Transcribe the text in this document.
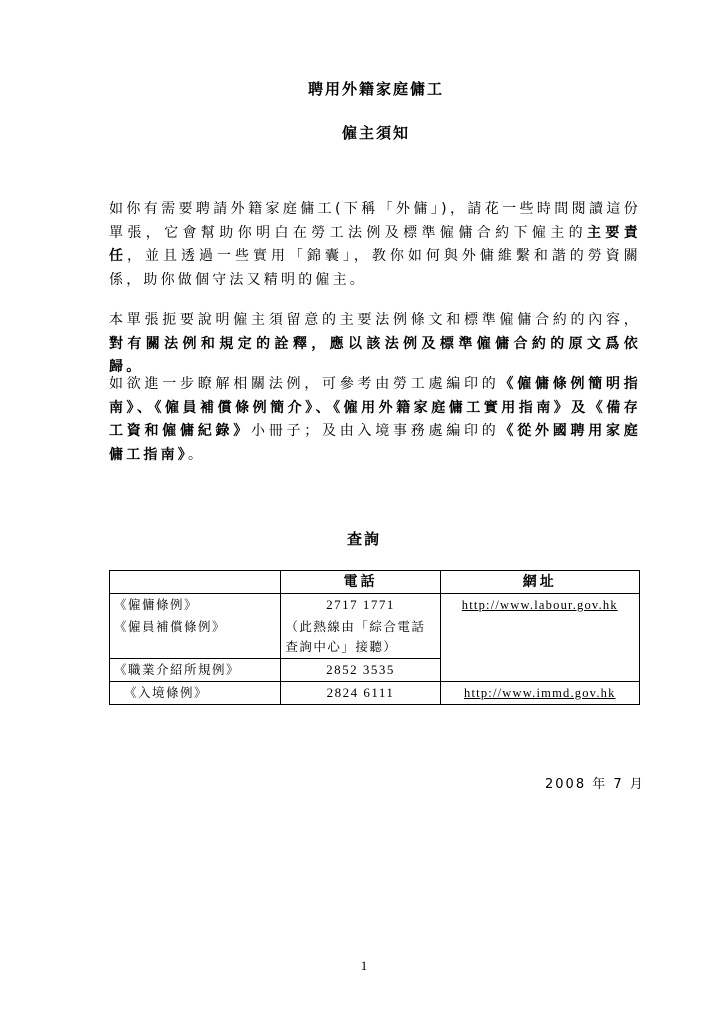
聘用外籍家庭傭工
僱主須知

如你有需要聘請外籍家庭傭工(下稱「外傭」)，請花一些時間閱讀這份單張，它會幫助你明白在勞工法例及標準僱傭合約下僱主的主要責任，並且透過一些實用「錦囊」，教你如何與外傭維繫和諧的勞資關係，助你做個守法又精明的僱主。

本單張扼要說明僱主須留意的主要法例條文和標準僱傭合約的內容，對有關法例和規定的詮釋，應以該法例及標準僱傭合約的原文爲依歸。

如欲進一步瞭解相關法例，可參考由勞工處編印的《僱傭條例簡明指南》、《僱員補償條例簡介》、《僱用外籍家庭傭工實用指南》及《備存工資和僱傭紀錄》小冊子；及由入境事務處編印的《從外國聘用家庭傭工指南》。

查詢
	電話	網址
《僱傭條例》	2717 1771	http://www.labour.gov.hk
《僱員補償條例》	（此熱線由「綜合電話查詢中心」接聽）	
《職業介紹所規例》	2852 3535	
《入境條例》	2824 6111	http://www.immd.gov.hk
2008 年 7 月
1
